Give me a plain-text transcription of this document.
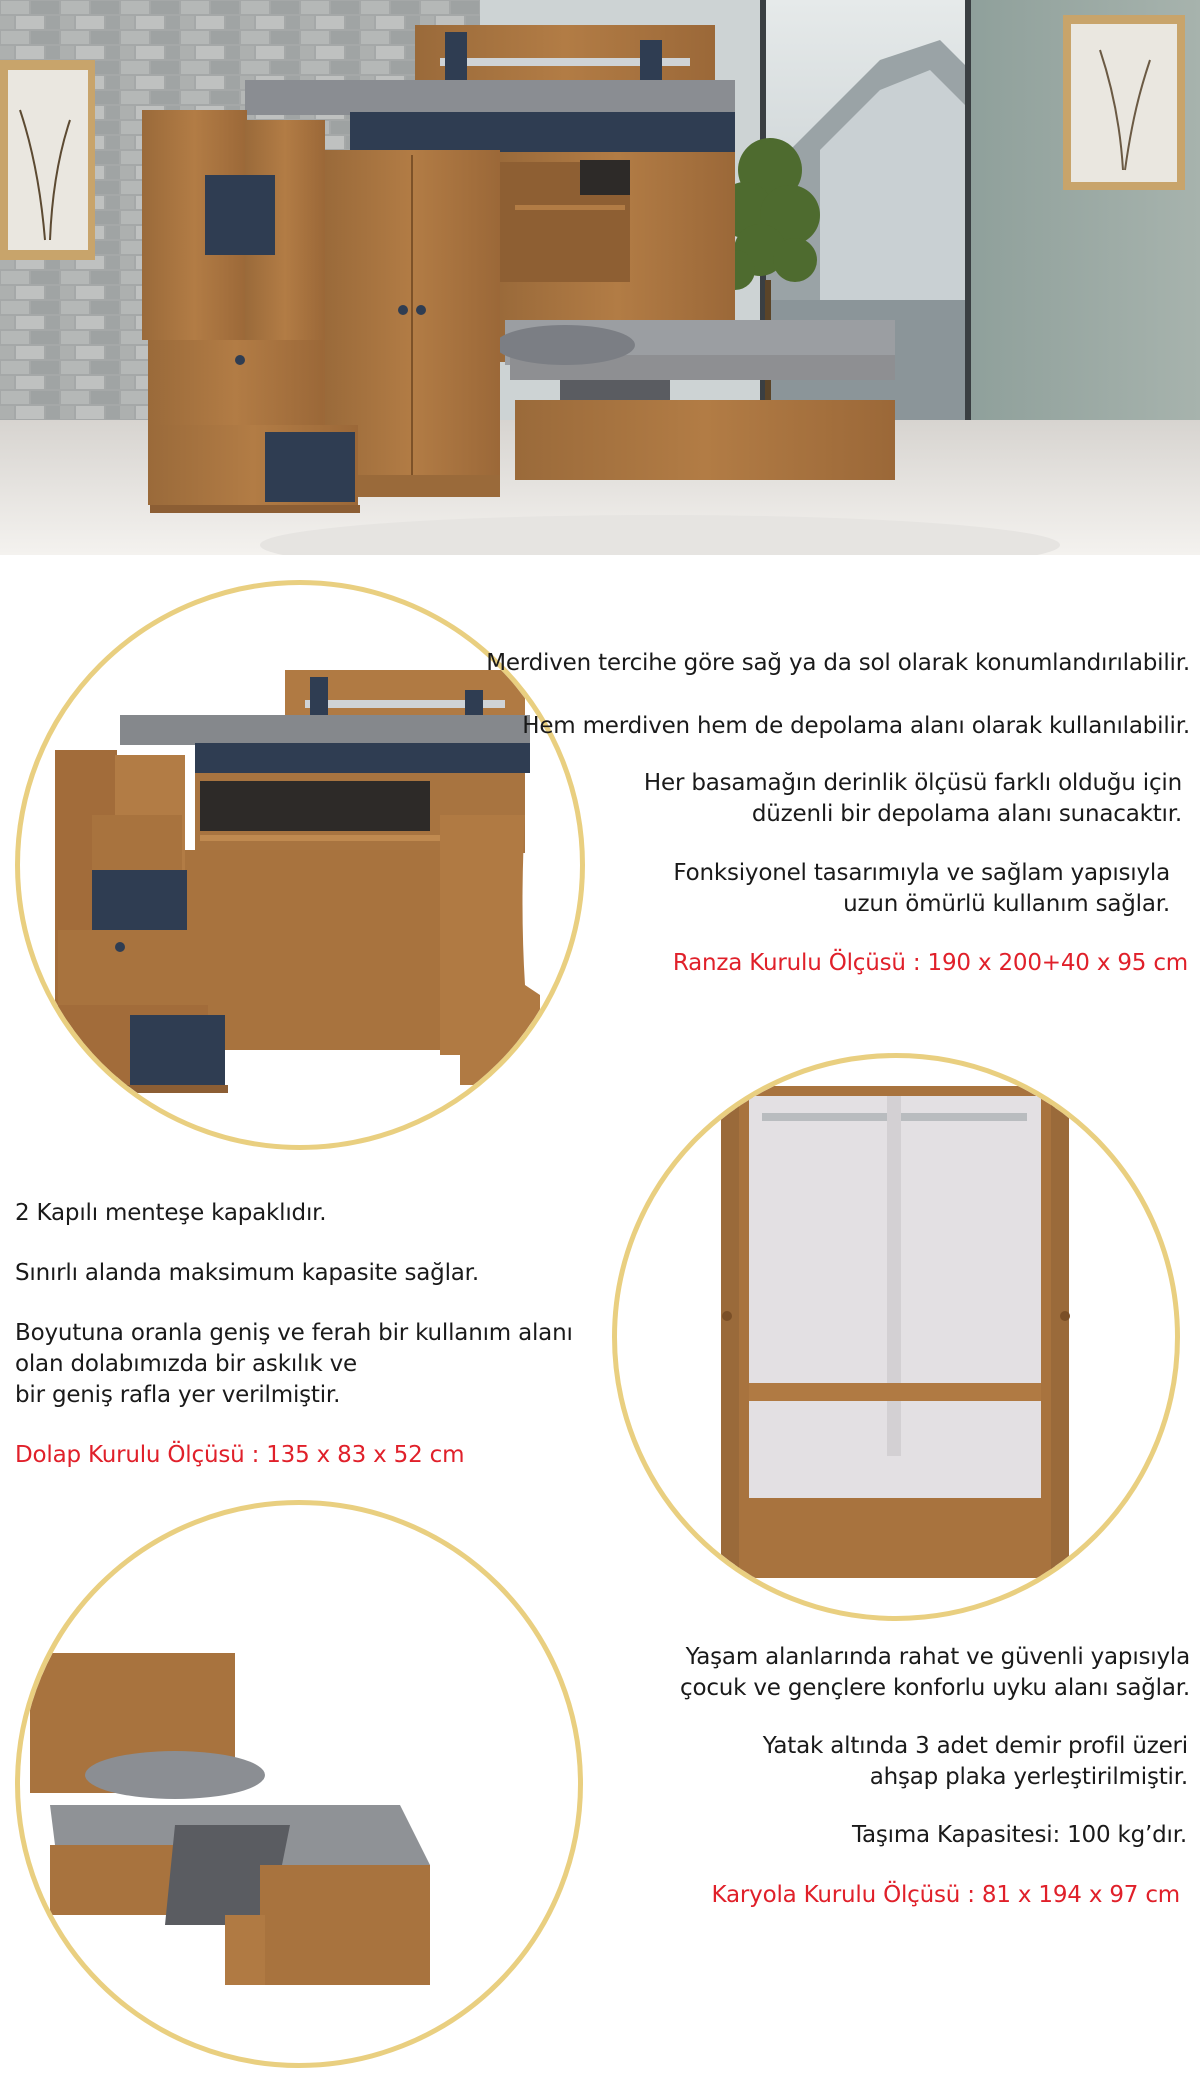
Merdiven tercihe göre sağ ya da sol olarak konumlandırılabilir.

Hem merdiven hem de depolama alanı olarak kullanılabilir.

Her basamağın derinlik ölçüsü farklı olduğu için

düzenli bir depolama alanı sunacaktır.

Fonksiyonel tasarımıyla ve sağlam yapısıyla

uzun ömürlü kullanım sağlar.

Ranza Kurulu Ölçüsü : 190 x 200+40 x 95 cm

2 Kapılı menteşe kapaklıdır.

Sınırlı alanda maksimum kapasite sağlar.

Boyutuna oranla geniş ve ferah bir kullanım alanı

olan dolabımızda bir askılık ve

bir geniş rafla yer verilmiştir.

Dolap Kurulu Ölçüsü : 135 x 83 x 52 cm

Yaşam alanlarında rahat ve güvenli yapısıyla

çocuk ve gençlere konforlu uyku alanı sağlar.

Yatak altında 3 adet demir profil üzeri

ahşap plaka yerleştirilmiştir.

Taşıma Kapasitesi: 100 kg’dır.
Karyola Kurulu Ölçüsü : 81 x 194 x 97 cm
